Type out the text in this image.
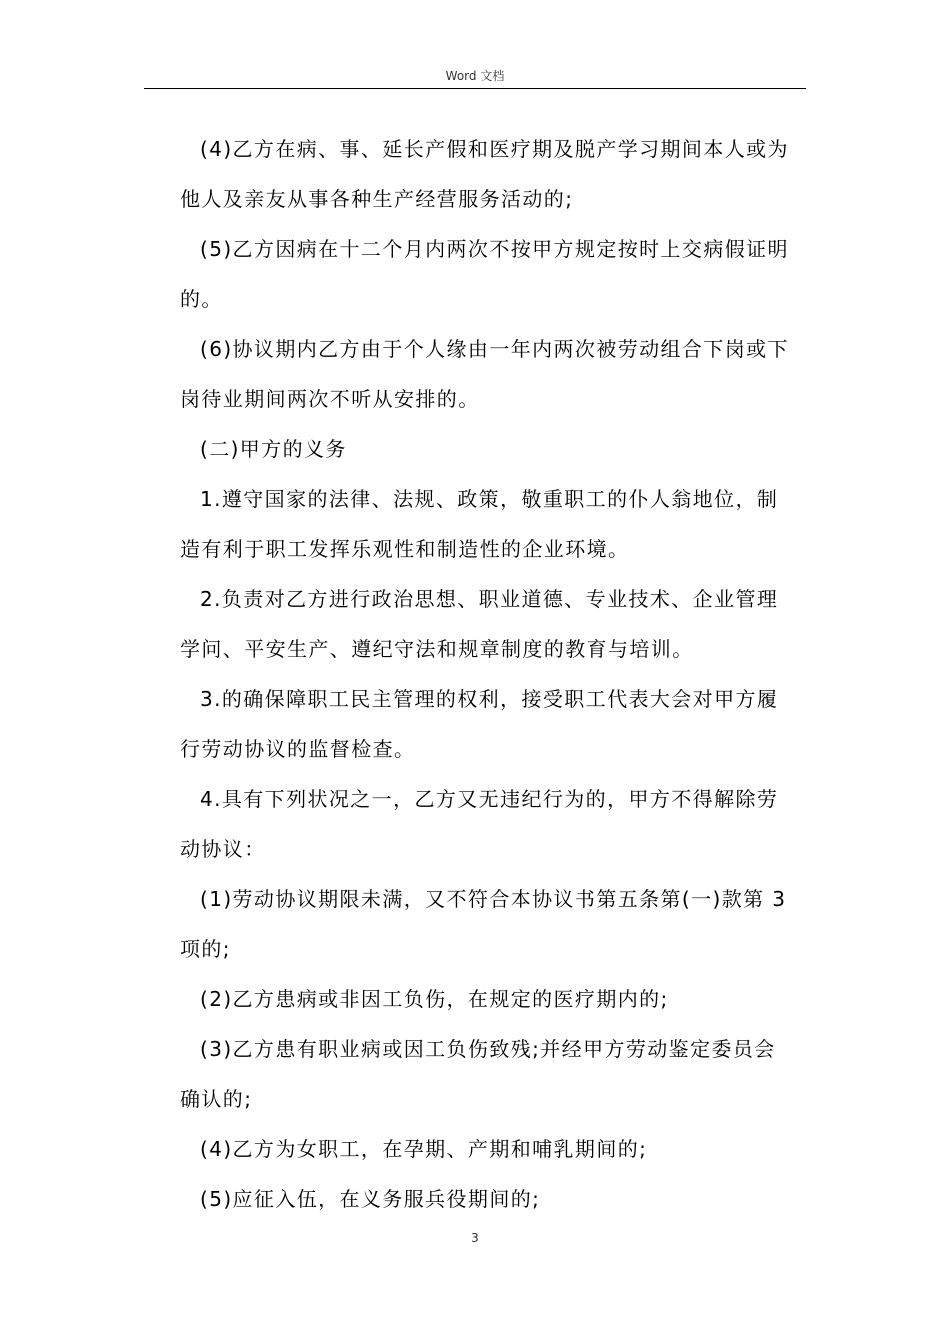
Word 文档

(4)乙方在病、事、延长产假和医疗期及脱产学习期间本人或为
他人及亲友从事各种生产经营服务活动的;

(5)乙方因病在十二个月内两次不按甲方规定按时上交病假证明
的。

(6)协议期内乙方由于个人缘由一年内两次被劳动组合下岗或下
岗待业期间两次不听从安排的。

(二)甲方的义务

1.遵守国家的法律、法规、政策，敬重职工的仆人翁地位，制
造有利于职工发挥乐观性和制造性的企业环境。

2.负责对乙方进行政治思想、职业道德、专业技术、企业管理
学问、平安生产、遵纪守法和规章制度的教育与培训。

3.的确保障职工民主管理的权利，接受职工代表大会对甲方履
行劳动协议的监督检查。

4.具有下列状况之一，乙方又无违纪行为的，甲方不得解除劳
动协议：

(1)劳动协议期限未满，又不符合本协议书第五条第(一)款第 3
项的;

(2)乙方患病或非因工负伤，在规定的医疗期内的;

(3)乙方患有职业病或因工负伤致残;并经甲方劳动鉴定委员会
确认的;

(4)乙方为女职工，在孕期、产期和哺乳期间的;

(5)应征入伍，在义务服兵役期间的;

3
